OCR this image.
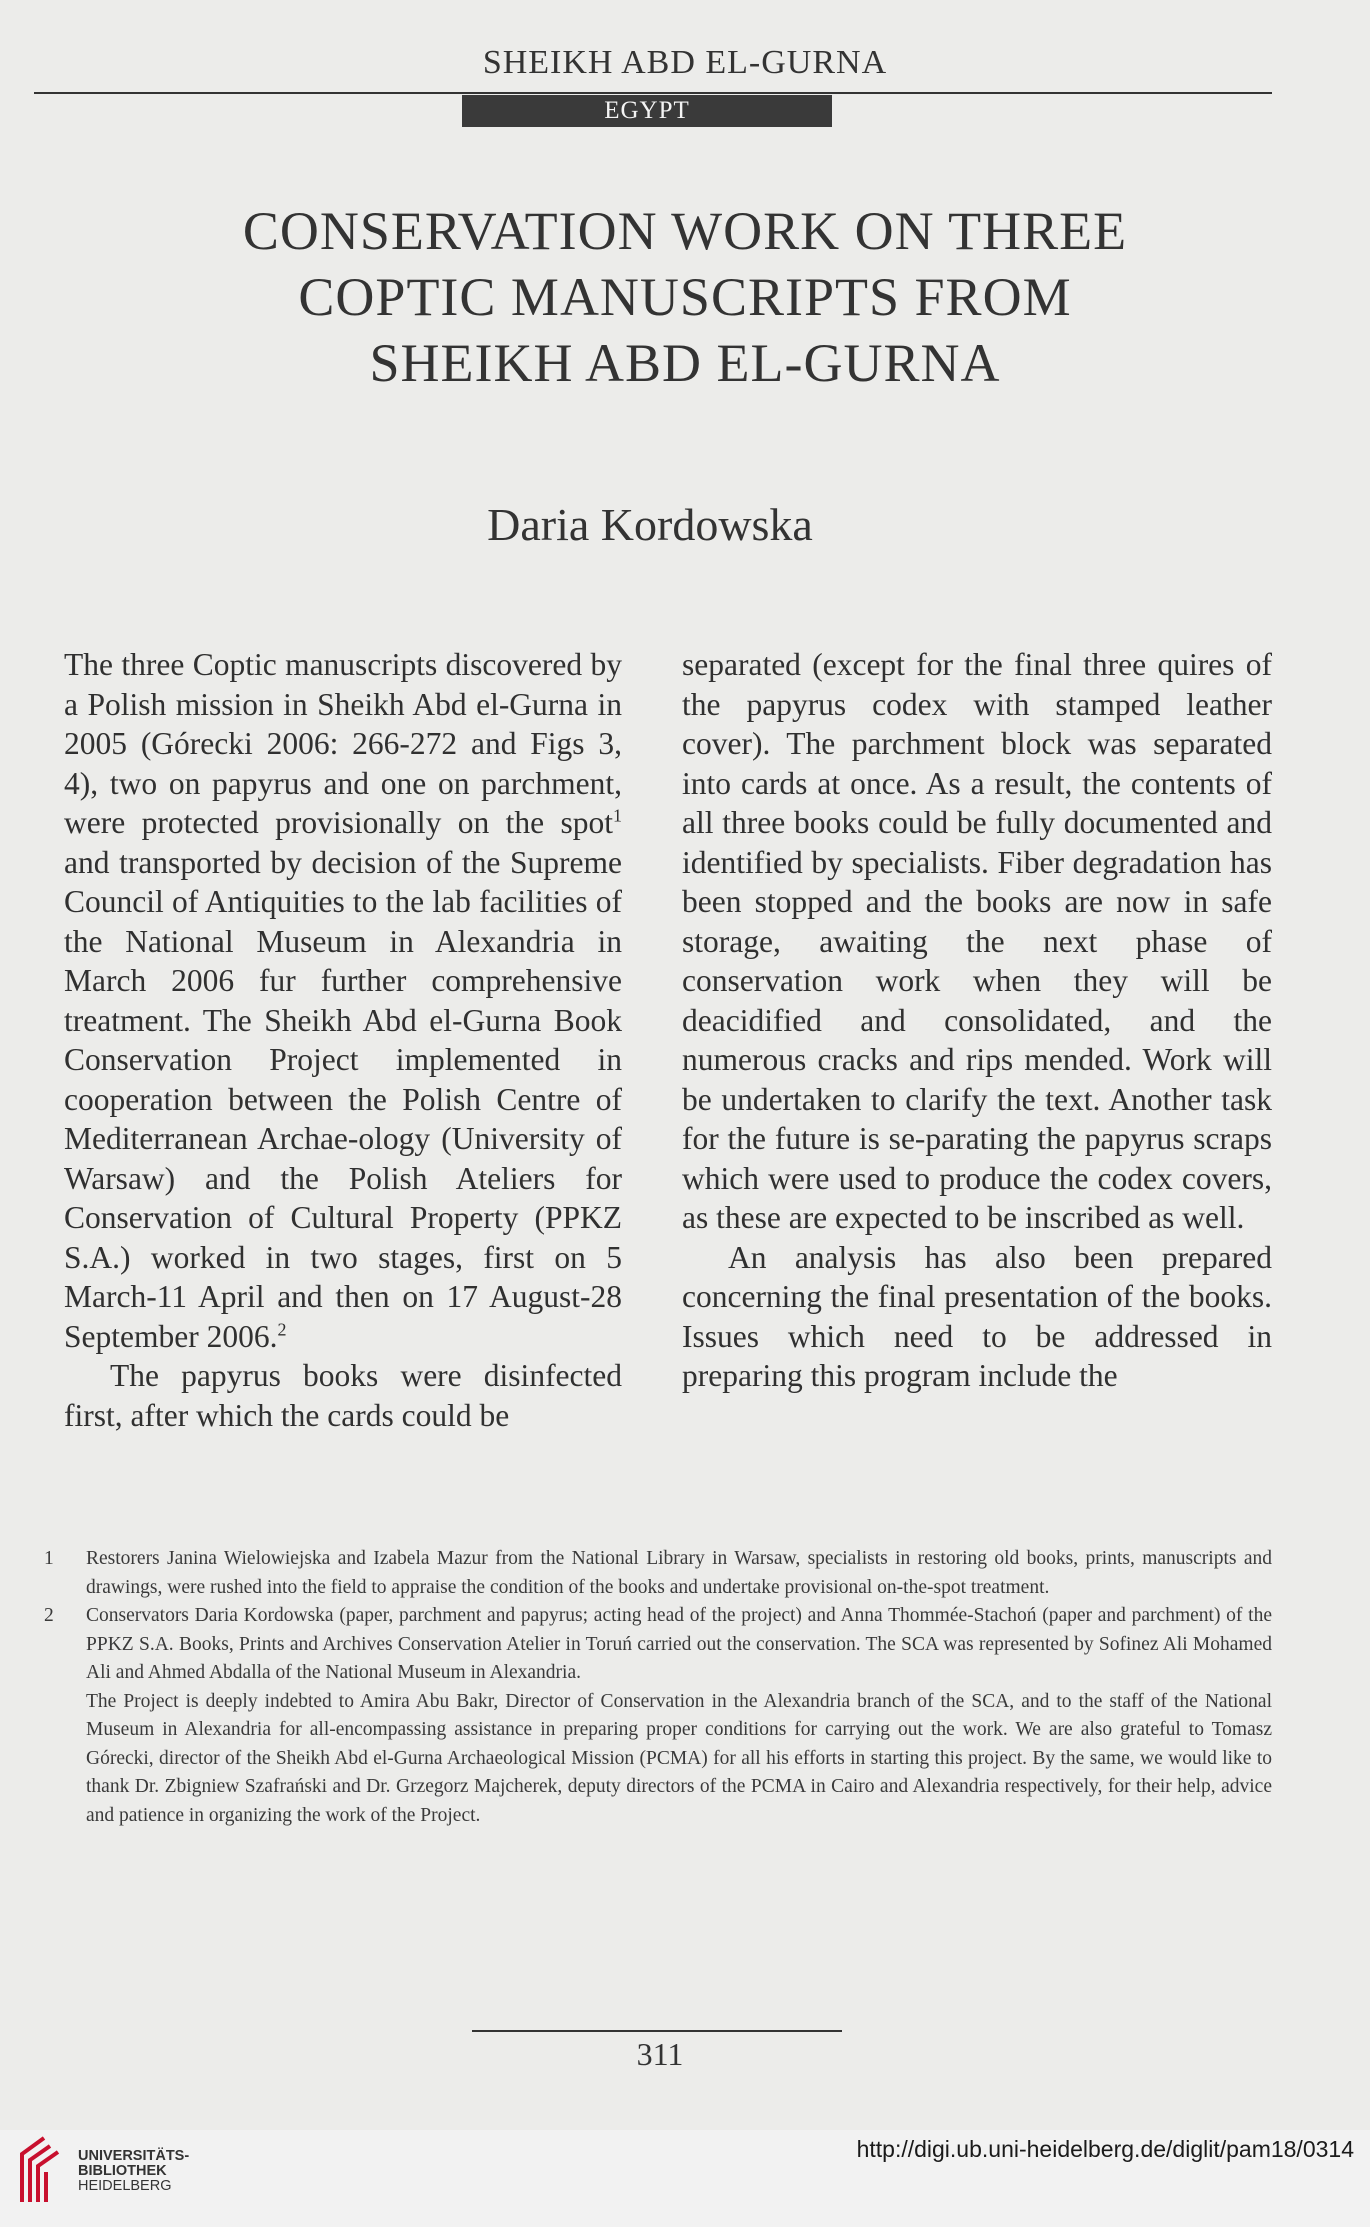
SHEIKH ABD EL-GURNA
EGYPT
CONSERVATION WORK ON THREE
COPTIC MANUSCRIPTS FROM
SHEIKH ABD EL-GURNA
Daria Kordowska

The three Coptic manuscripts discovered by a Polish mission in Sheikh Abd el-Gurna in 2005 (Górecki 2006: 266-272 and Figs 3, 4), two on papyrus and one on parchment, were protected provisionally on the spot$^1$ and transported by decision of the Supreme Council of Antiquities to the lab facilities of the National Museum in Alexandria in March 2006 fur further comprehensive treatment. The Sheikh Abd el-Gurna Book Conservation Project implemented in cooperation between the Polish Centre of Mediterranean Archae-ology (University of Warsaw) and the Polish Ateliers for Conservation of Cultural Property (PPKZ S.A.) worked in two stages, first on 5 March-11 April and then on 17 August-28 September 2006.$^2$

The papyrus books were disinfected first, after which the cards could be

separated (except for the final three quires of the papyrus codex with stamped leather cover). The parchment block was separated into cards at once. As a result, the contents of all three books could be fully documented and identified by specialists. Fiber degradation has been stopped and the books are now in safe storage, awaiting the next phase of conservation work when they will be deacidified and consolidated, and the numerous cracks and rips mended. Work will be undertaken to clarify the text. Another task for the future is se-parating the papyrus scraps which were used to produce the codex covers, as these are expected to be inscribed as well.

An analysis has also been prepared concerning the final presentation of the books. Issues which need to be addressed in preparing this program include the

1 Restorers Janina Wielowiejska and Izabela Mazur from the National Library in Warsaw, specialists in restoring old books, prints, manuscripts and drawings, were rushed into the field to appraise the condition of the books and undertake provisional on-the-spot treatment.

2 Conservators Daria Kordowska (paper, parchment and papyrus; acting head of the project) and Anna Thommée-Stachoń (paper and parchment) of the PPKZ S.A. Books, Prints and Archives Conservation Atelier in Toruń carried out the conservation. The SCA was represented by Sofinez Ali Mohamed Ali and Ahmed Abdalla of the National Museum in Alexandria.

The Project is deeply indebted to Amira Abu Bakr, Director of Conservation in the Alexandria branch of the SCA, and to the staff of the National Museum in Alexandria for all-encompassing assistance in preparing proper conditions for carrying out the work. We are also grateful to Tomasz Górecki, director of the Sheikh Abd el-Gurna Archaeological Mission (PCMA) for all his efforts in starting this project. By the same, we would like to thank Dr. Zbigniew Szafrański and Dr. Grzegorz Majcherek, deputy directors of the PCMA in Cairo and Alexandria respectively, for their help, advice and patience in organizing the work of the Project.

311
UNIVERSITÄTS-
BIBLIOTHEK
HEIDELBERG
http://digi.ub.uni-heidelberg.de/diglit/pam18/0314
